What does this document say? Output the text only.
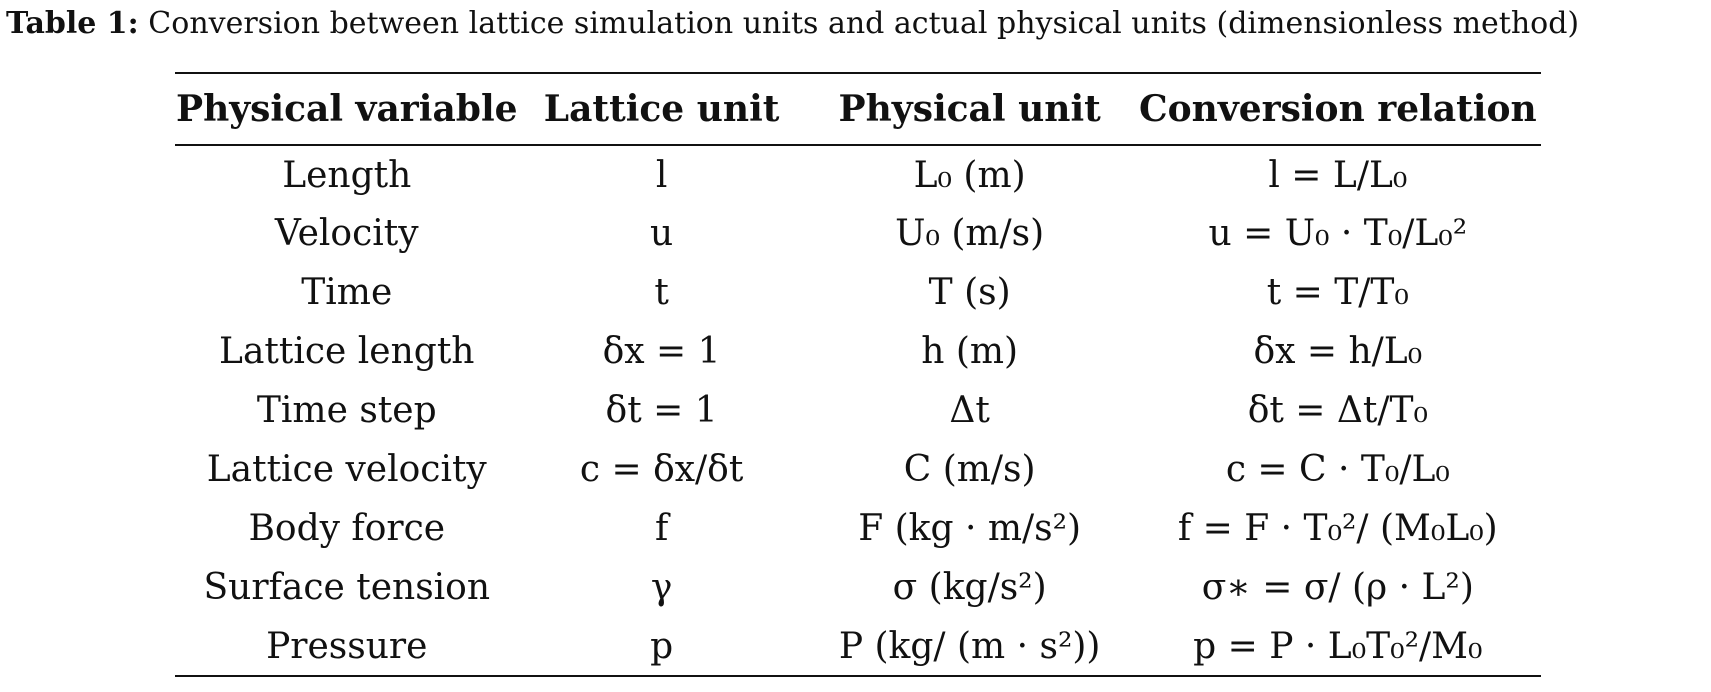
Table 1: Conversion between lattice simulation units and actual physical units (dimensionless method)
Physical variable	Lattice unit	Physical unit	Conversion relation
Length	l	L₀ (m)	l = L/L₀
Velocity	u	U₀ (m/s)	u = U₀ · T₀/L₀²
Time	t	T (s)	t = T/T₀
Lattice length	δx = 1	h (m)	δx = h/L₀
Time step	δt = 1	Δt	δt = Δt/T₀
Lattice velocity	c = δx/δt	C (m/s)	c = C · T₀/L₀
Body force	f	F (kg · m/s²)	f = F · T₀²/ (M₀L₀)
Surface tension	γ	σ (kg/s²)	σ∗ = σ/ (ρ · L²)
Pressure	p	P (kg/ (m · s²))	p = P · L₀T₀²/M₀
